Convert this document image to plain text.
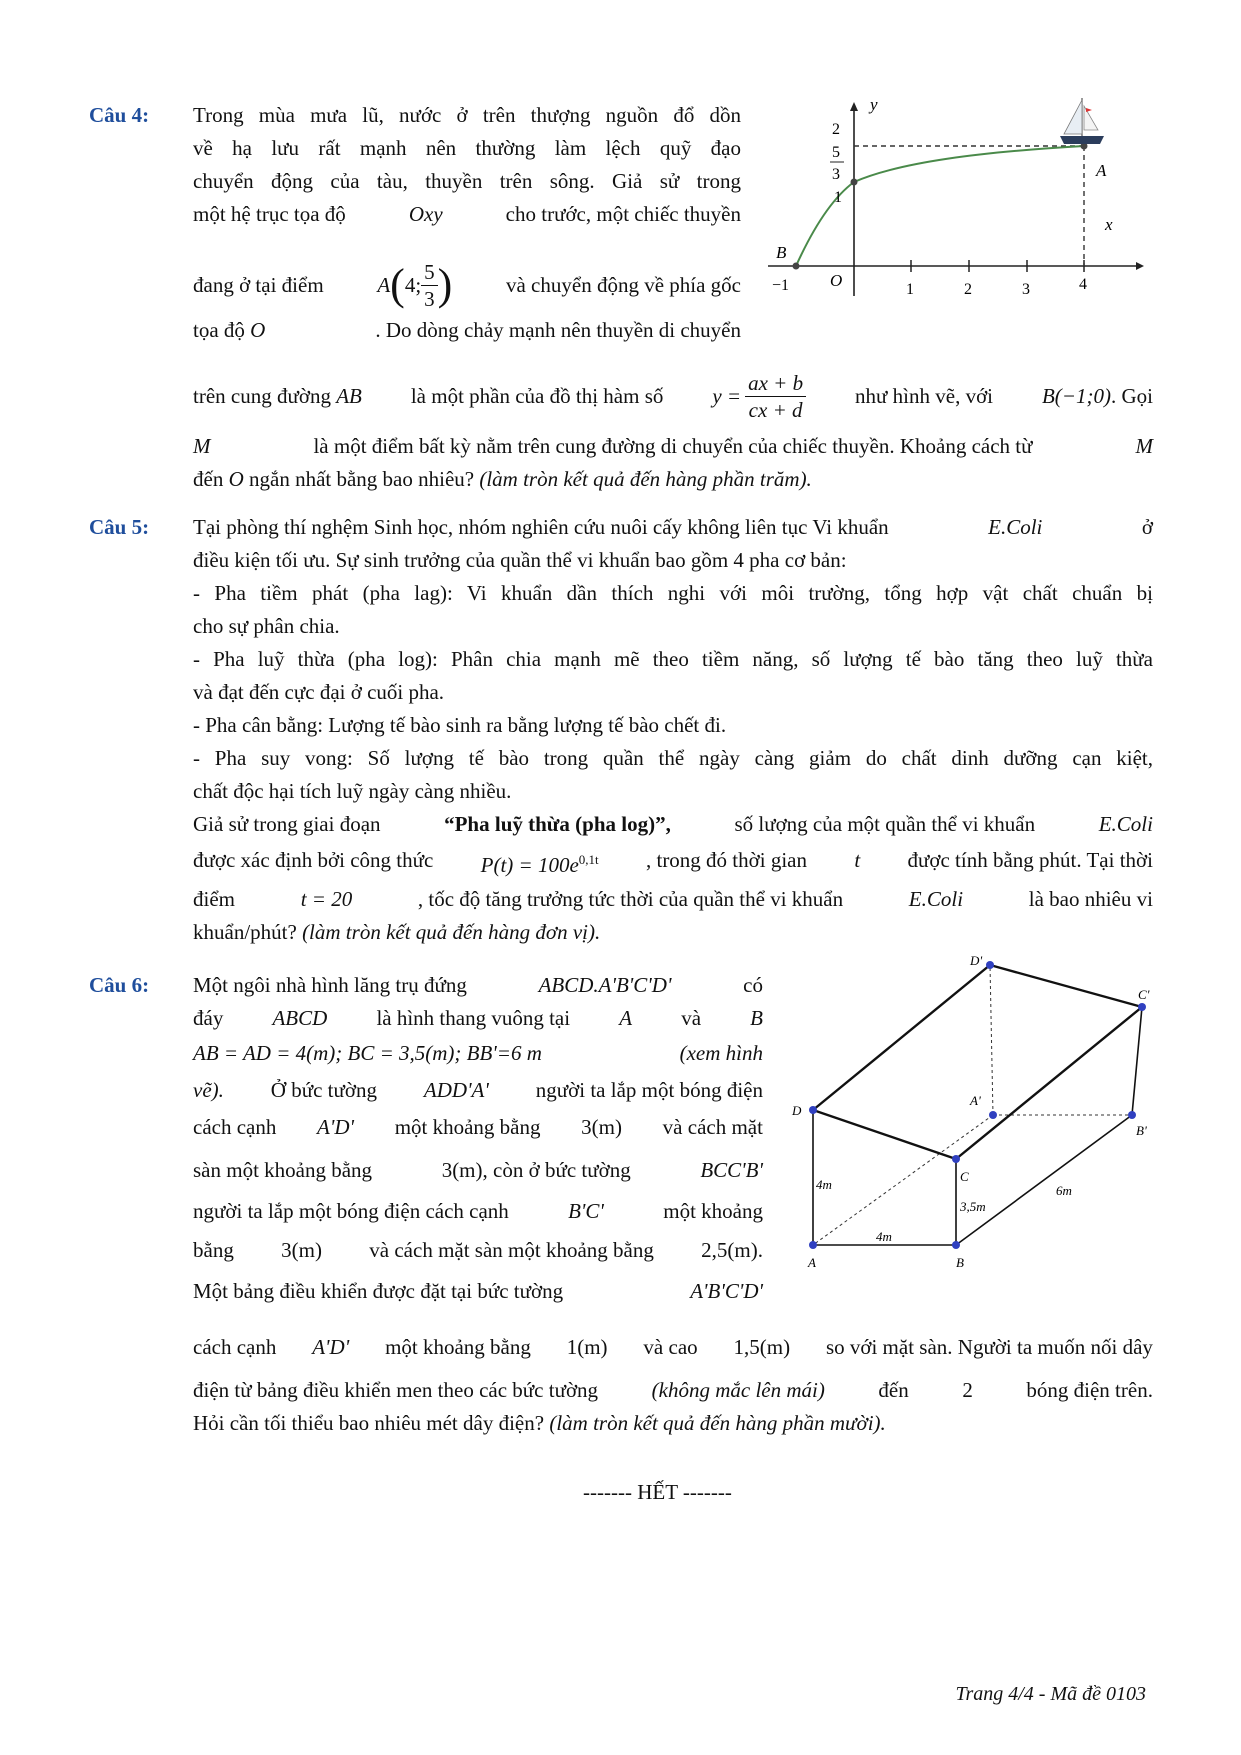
Câu 4: Trong mùa mưa lũ, nước ở trên thượng nguồn đổ dồn
về hạ lưu rất mạnh nên thường làm lệch quỹ đạo
chuyển động của tàu, thuyền trên sông. Giả sử trong
một hệ trục tọa độ	Oxy	cho trước, một chiếc thuyền
đang ở tại điểm	A ( 4; $\frac{5}{3}$ )	và chuyển động về phía gốc
tọa độ O	. Do dòng chảy mạnh nên thuyền di chuyển
trên cung đường AB là một phần của đồ thị hàm số $y = \frac{ax + b}{cx + d}$ như hình vẽ, với B(−1;0). Gọi
M	là một điểm bất kỳ nằm trên cung đường di chuyển của chiếc thuyền. Khoảng cách từ	M
đến O ngắn nhất bằng bao nhiêu? (làm tròn kết quả đến hàng phần trăm).
y
x
O
2
5
3
1
−1	1	2	3	4
A
B
Câu 5: Tại phòng thí nghệm Sinh học, nhóm nghiên cứu nuôi cấy không liên tục Vi khuẩn	E.Coli	ở
điều kiện tối ưu. Sự sinh trưởng của quần thể vi khuẩn bao gồm 4 pha cơ bản:
- Pha tiềm phát (pha lag): Vi khuẩn dần thích nghi với môi trường, tổng hợp vật chất chuẩn bị
cho sự phân chia.
- Pha luỹ thừa (pha log): Phân chia mạnh mẽ theo tiềm năng, số lượng tế bào tăng theo luỹ thừa
và đạt đến cực đại ở cuối pha.
- Pha cân bằng: Lượng tế bào sinh ra bằng lượng tế bào chết đi.
- Pha suy vong: Số lượng tế bào trong quần thể ngày càng giảm do chất dinh dưỡng cạn kiệt,
chất độc hại tích luỹ ngày càng nhiều.
Giả sử trong giai đoạn	“Pha luỹ thừa (pha log)”,	số lượng của một quần thể vi khuẩn	E.Coli
được xác định bởi công thức $P(t) = 100e^{0,1t}$ , trong đó thời gian t được tính bằng phút. Tại thời
điểm	t = 20	, tốc độ tăng trưởng tức thời của quần thể vi khuẩn	E.Coli	là bao nhiêu vi
khuẩn/phút? (làm tròn kết quả đến hàng đơn vị).
Câu 6: Một ngôi nhà hình lăng trụ đứng	ABCD.A'B'C'D'	có
đáy ABCD là hình thang vuông tại A và B
AB = AD = 4(m); BC = 3,5(m); BB'=6 m	(xem hình
vẽ). Ở bức tường ADD'A' người ta lắp một bóng điện
cách cạnh A'D' một khoảng bằng 3(m) và cách mặt
sàn một khoảng bằng	3(m), còn ở bức tường	BCC'B'
người ta lắp một bóng điện cách cạnh	B'C'	một khoảng
bằng 3(m) và cách mặt sàn một khoảng bằng 2,5(m).
Một bảng điều khiển được đặt tại bức tường	A'B'C'D'
cách cạnh A'D' một khoảng bằng 1(m) và cao 1,5(m) so với mặt sàn. Người ta muốn nối dây
điện từ bảng điều khiển men theo các bức tường	(không mắc lên mái)	đến	2	bóng điện trên.
Hỏi cần tối thiểu bao nhiêu mét dây điện? (làm tròn kết quả đến hàng phần mười).
D
D'
C'
A'
B'
C
A	B
4m
3,5m
6m
4m
------- HẾT -------
Trang 4/4 - Mã đề 0103
